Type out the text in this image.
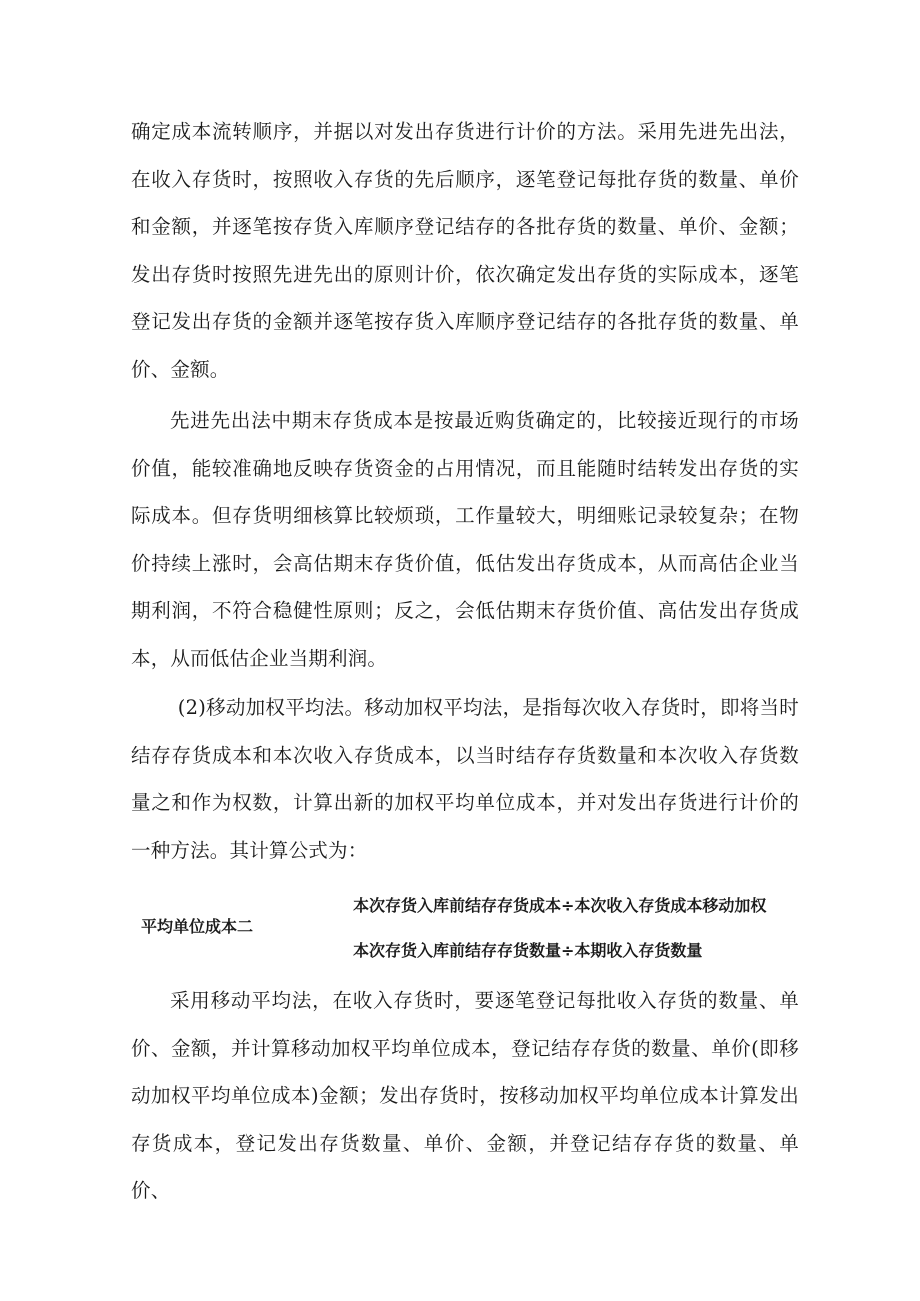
确定成本流转顺序，并据以对发出存货进行计价的方法。采用先进先出法，在收入存货时，按照收入存货的先后顺序，逐笔登记每批存货的数量、单价和金额，并逐笔按存货入库顺序登记结存的各批存货的数量、单价、金额；发出存货时按照先进先出的原则计价，依次确定发出存货的实际成本，逐笔登记发出存货的金额并逐笔按存货入库顺序登记结存的各批存货的数量、单价、金额。

先进先出法中期末存货成本是按最近购货确定的，比较接近现行的市场价值，能较准确地反映存货资金的占用情况，而且能随时结转发出存货的实际成本。但存货明细核算比较烦琐，工作量较大，明细账记录较复杂；在物价持续上涨时，会高估期末存货价值，低估发出存货成本，从而高估企业当期利润，不符合稳健性原则；反之，会低估期末存货价值、高估发出存货成本，从而低估企业当期利润。

(2)移动加权平均法。移动加权平均法，是指每次收入存货时，即将当时结存存货成本和本次收入存货成本，以当时结存存货数量和本次收入存货数量之和作为权数，计算出新的加权平均单位成本，并对发出存货进行计价的一种方法。其计算公式为：

平均单位成本二
本次存货入库前结存存货成本÷本次收入存货成本移动加权
本次存货入库前结存存货数量÷本期收入存货数量

采用移动平均法，在收入存货时，要逐笔登记每批收入存货的数量、单价、金额，并计算移动加权平均单位成本，登记结存存货的数量、单价(即移动加权平均单位成本)金额；发出存货时，按移动加权平均单位成本计算发出存货成本，登记发出存货数量、单价、金额，并登记结存存货的数量、单价、
